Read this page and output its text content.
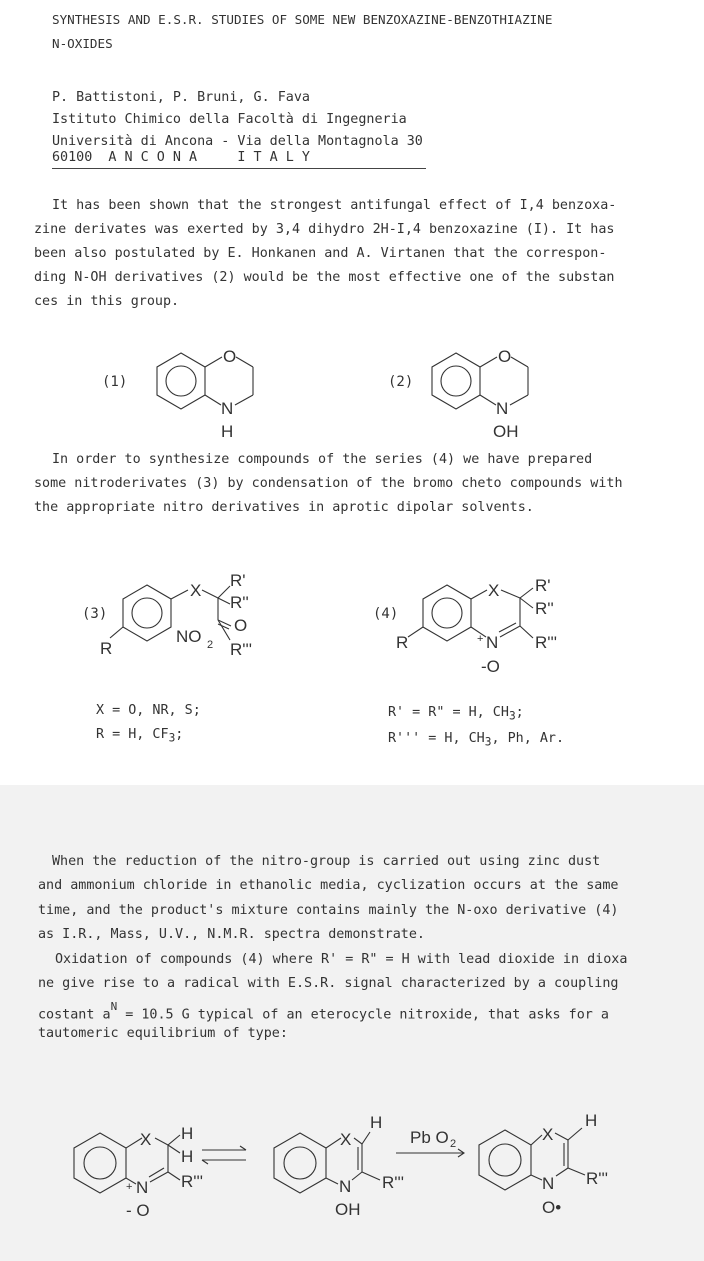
SYNTHESIS AND E.S.R. STUDIES OF SOME NEW BENZOXAZINE-BENZOTHIAZINE
N-OXIDES
P. Battistoni, P. Bruni, G. Fava
Istituto Chimico della Facoltà di Ingegneria
Università di Ancona - Via della Montagnola 30
60100  A N C O N A     I T A L Y
It has been shown that the strongest antifungal effect of I,4 benzoxa-
zine derivates was exerted by 3,4 dihydro 2H-I,4 benzoxazine (I). It has
been also postulated by E. Honkanen and A. Virtanen that the correspon-
ding N-OH derivatives (2) would be the most effective one of the substan
ces in this group.
In order to synthesize compounds of the series (4) we have prepared
some nitroderivates (3) by condensation of the bromo cheto compounds with
the appropriate nitro derivatives in aprotic dipolar solvents.
X = O, NR, S;
R = H, $CF_3$;
R' = R" = H, $CH_3$;
R''' = H, $CH_3$, Ph, Ar.
When the reduction of the nitro-group is carried out using zinc dust
and ammonium chloride in ethanolic media, cyclization occurs at the same
time, and the product's mixture contains mainly the N-oxo derivative (4)
as I.R., Mass, U.V., N.M.R. spectra demonstrate.
Oxidation of compounds (4) where R' = R" = H with lead dioxide in dioxa
ne give rise to a radical with E.S.R. signal characterized by a coupling
costant $a^N = 10.5$ G typical of an eterocycle nitroxide, that asks for a
tautomeric equilibrium of type:
(1)
O
N
H
(2)
O
N
OH
(3)
X
R'
R''
O
R'''
NO 2
R
(4)
X R'
R''
R'''
N
+
-O
R
X H
H
R'''
N
+
- O
X
H
R'''
N
OH
Pb O 2	X
H
R'''
N
O•
